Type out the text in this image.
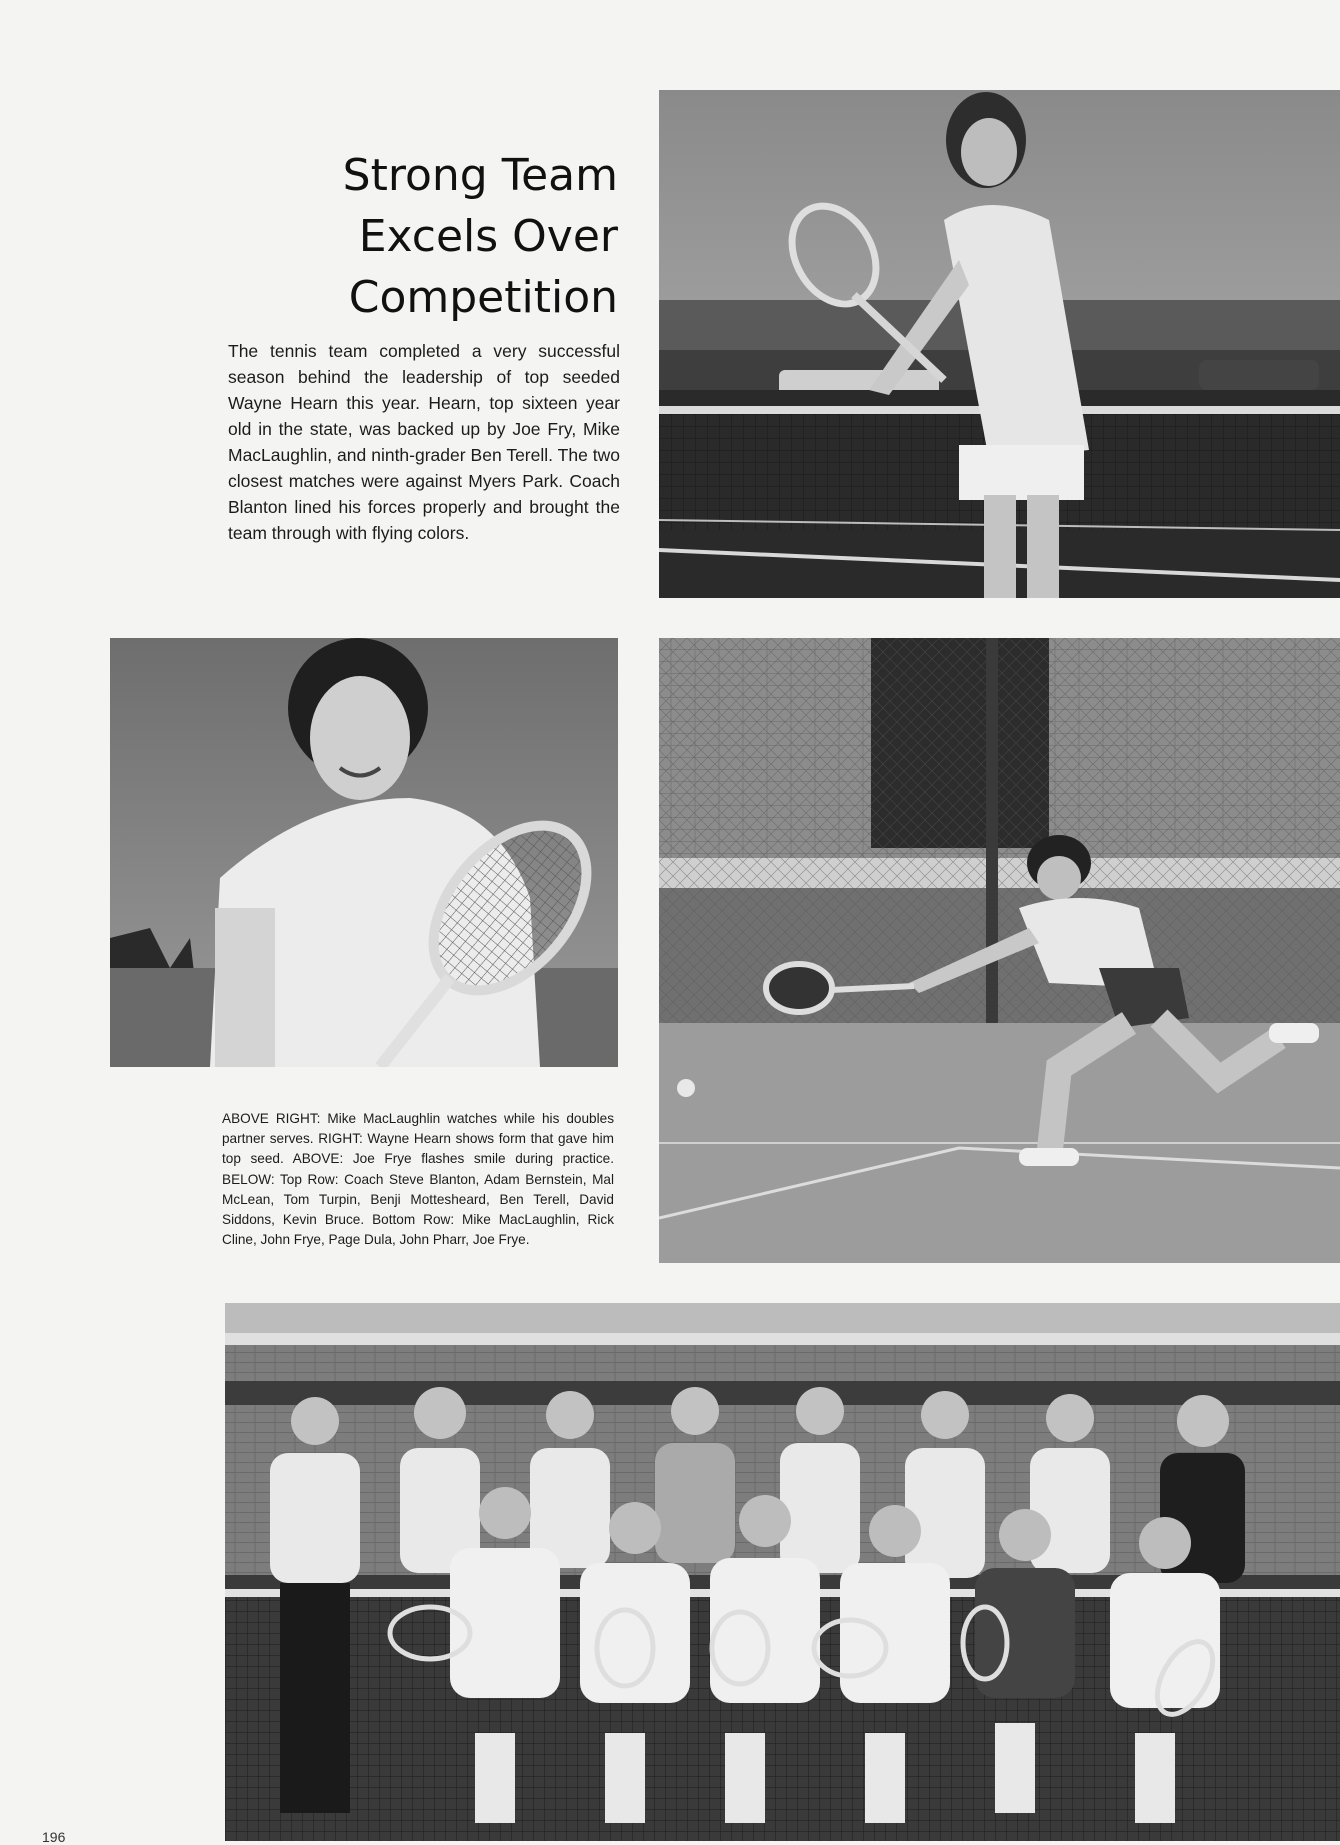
Strong Team
Excels Over
Competition

The tennis team completed a very successful season behind the leadership of top seeded Wayne Hearn this year. Hearn, top sixteen year old in the state, was backed up by Joe Fry, Mike MacLaughlin, and ninth-grader Ben Terell. The two closest matches were against Myers Park. Coach Blanton lined his forces properly and brought the team through with flying colors.

ABOVE RIGHT: Mike MacLaughlin watches while his doubles partner serves. RIGHT: Wayne Hearn shows form that gave him top seed. ABOVE: Joe Frye flashes smile during practice. BELOW: Top Row: Coach Steve Blanton, Adam Bernstein, Mal McLean, Tom Turpin, Benji Mottesheard, Ben Terell, David Siddons, Kevin Bruce. Bottom Row: Mike MacLaughlin, Rick Cline, John Frye, Page Dula, John Pharr, Joe Frye.

196
